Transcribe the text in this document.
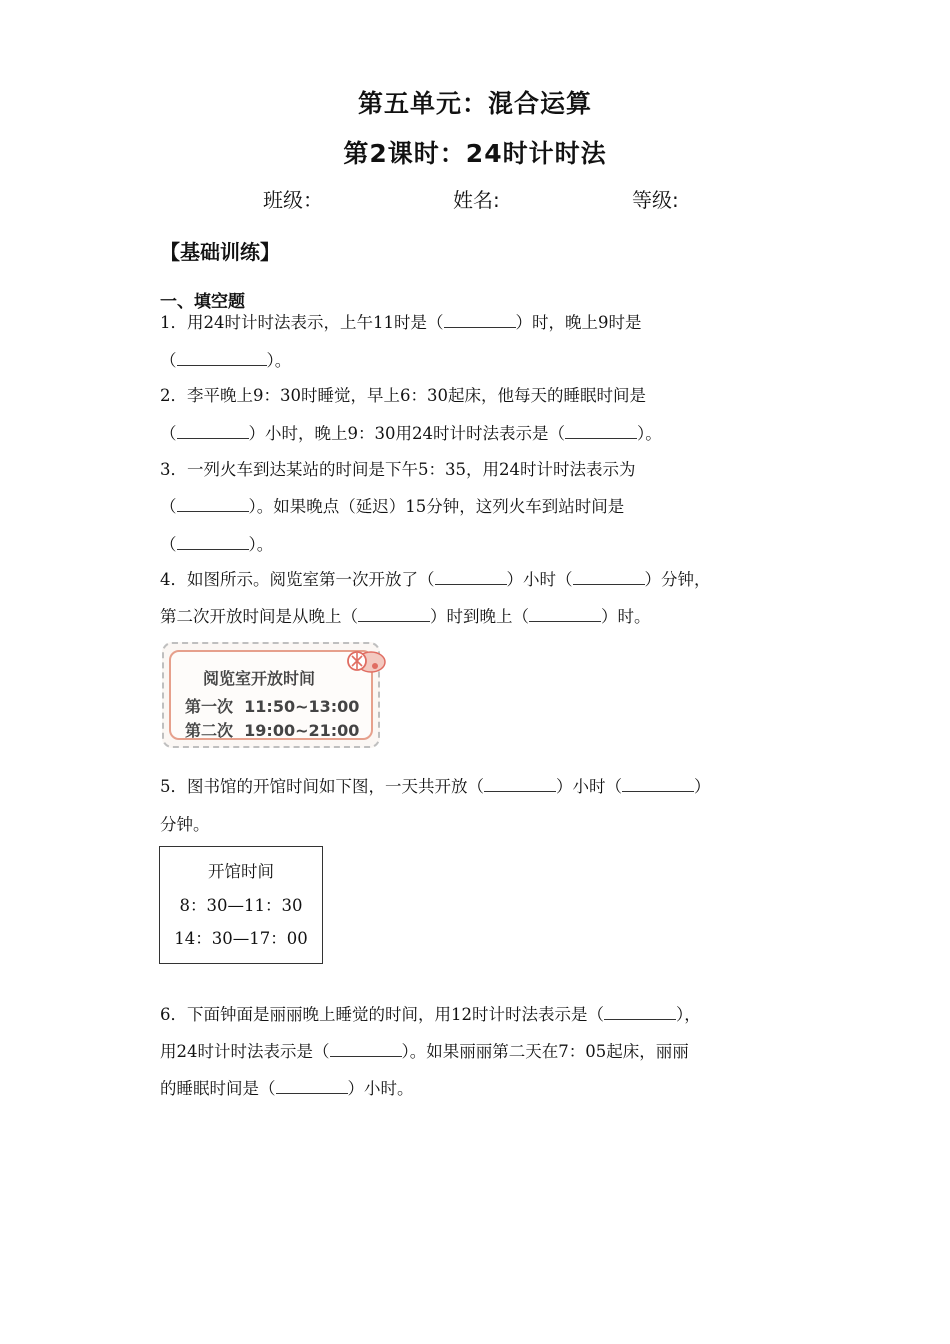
第五单元：混合运算
第2课时：24时计时法
班级：	姓名:	等级:
【基础训练】
一、填空题
1．用24时计时法表示，上午11时是（	）时，晚上9时是
（	）。
2．李平晚上9：30时睡觉，早上6：30起床，他每天的睡眠时间是
（	）小时，晚上9：30用24时计时法表示是（	）。
3．一列火车到达某站的时间是下午5：35，用24时计时法表示为
（	）。如果晚点（延迟）15分钟，这列火车到站时间是
（	）。
4．如图所示。阅览室第一次开放了（	）小时（	）分钟，
第二次开放时间是从晚上（	）时到晚上（	）时。
阅览室开放时间
第一次 11:50~13:00
第二次 19:00~21:00
5．图书馆的开馆时间如下图，一天共开放（	）小时（	）
分钟。
开馆时间
8：30—11：30
14：30—17：00
6．下面钟面是丽丽晚上睡觉的时间，用12时计时法表示是（	），
用24时计时法表示是（	）。如果丽丽第二天在7：05起床，丽丽
的睡眠时间是（	）小时。
